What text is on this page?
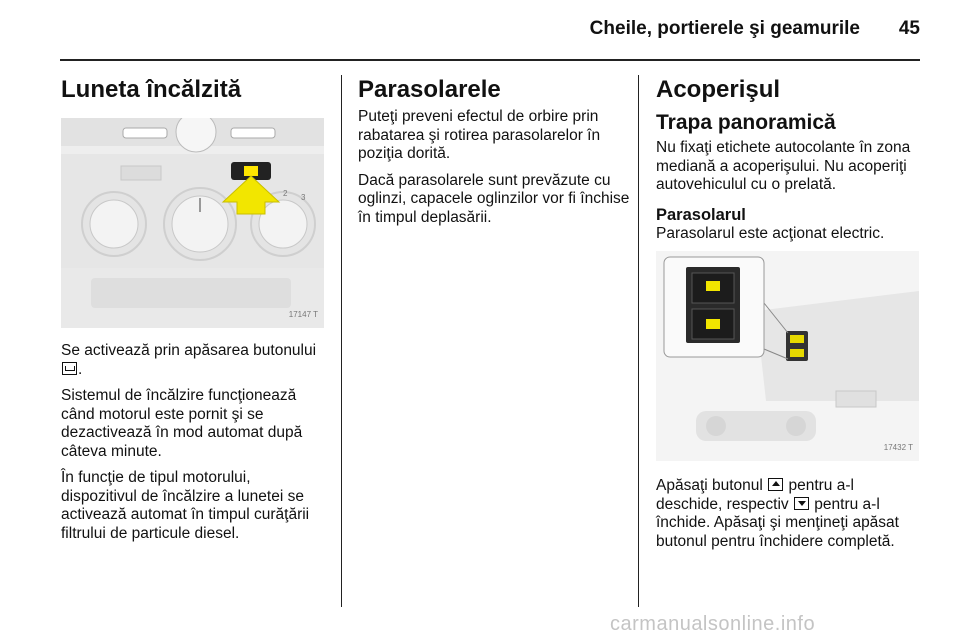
Cheile, portierele şi geamurile	45
Luneta încălzită
3
2
17147 T

Se activează prin apăsarea butonului .

Sistemul de încălzire funcţionează când motorul este pornit şi se dezactivează în mod automat după câteva minute.

În funcţie de tipul motorului, dispozitivul de încălzire a lunetei se activează automat în timpul curăţării filtrului de particule diesel.

Parasolarele

Puteţi preveni efectul de orbire prin rabatarea şi rotirea parasolarelor în poziţia dorită.

Dacă parasolarele sunt prevăzute cu oglinzi, capacele oglinzilor vor fi închise în timpul deplasării.

Acoperişul
Trapa panoramică

Nu fixaţi etichete autocolante în zona mediană a acoperişului. Nu acoperiţi autovehiculul cu o prelată.

Parasolarul

Parasolarul este acţionat electric.

17432 T

Apăsaţi butonul  pentru a-l deschide, respectiv  pentru a-l închide. Apăsaţi şi menţineţi apăsat butonul pentru închidere completă.

carmanualsonline.info
